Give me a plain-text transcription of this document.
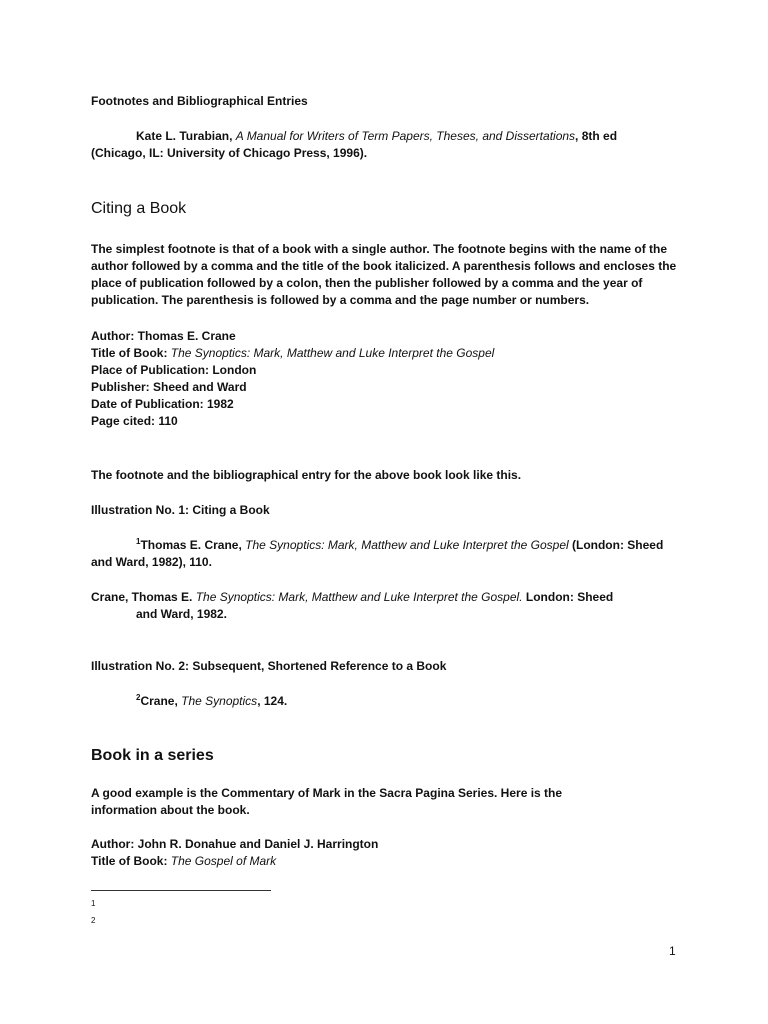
Footnotes and Bibliographical Entries
Kate L. Turabian, A Manual for Writers of Term Papers, Theses, and Dissertations, 8th ed
(Chicago, IL: University of Chicago Press, 1996).
Citing a Book
The simplest footnote is that of a book with a single author. The footnote begins with the name of the
author followed by a comma and the title of the book italicized. A parenthesis follows and encloses the
place of publication followed by a colon, then the publisher followed by a comma and the year of
publication. The parenthesis is followed by a comma and the page number or numbers.
Author: Thomas E. Crane
Title of Book: The Synoptics: Mark, Matthew and Luke Interpret the Gospel
Place of Publication: London
Publisher: Sheed and Ward
Date of Publication: 1982
Page cited: 110
The footnote and the bibliographical entry for the above book look like this.
Illustration No. 1: Citing a Book
$^1$Thomas E. Crane, The Synoptics: Mark, Matthew and Luke Interpret the Gospel (London: Sheed
and Ward, 1982), 110.
Crane, Thomas E. The Synoptics: Mark, Matthew and Luke Interpret the Gospel. London: Sheed
and Ward, 1982.
Illustration No. 2: Subsequent, Shortened Reference to a Book
$^2$Crane, The Synoptics, 124.
Book in a series
A good example is the Commentary of Mark in the Sacra Pagina Series. Here is the
information about the book.
Author: John R. Donahue and Daniel J. Harrington
Title of Book: The Gospel of Mark
1
2
1
